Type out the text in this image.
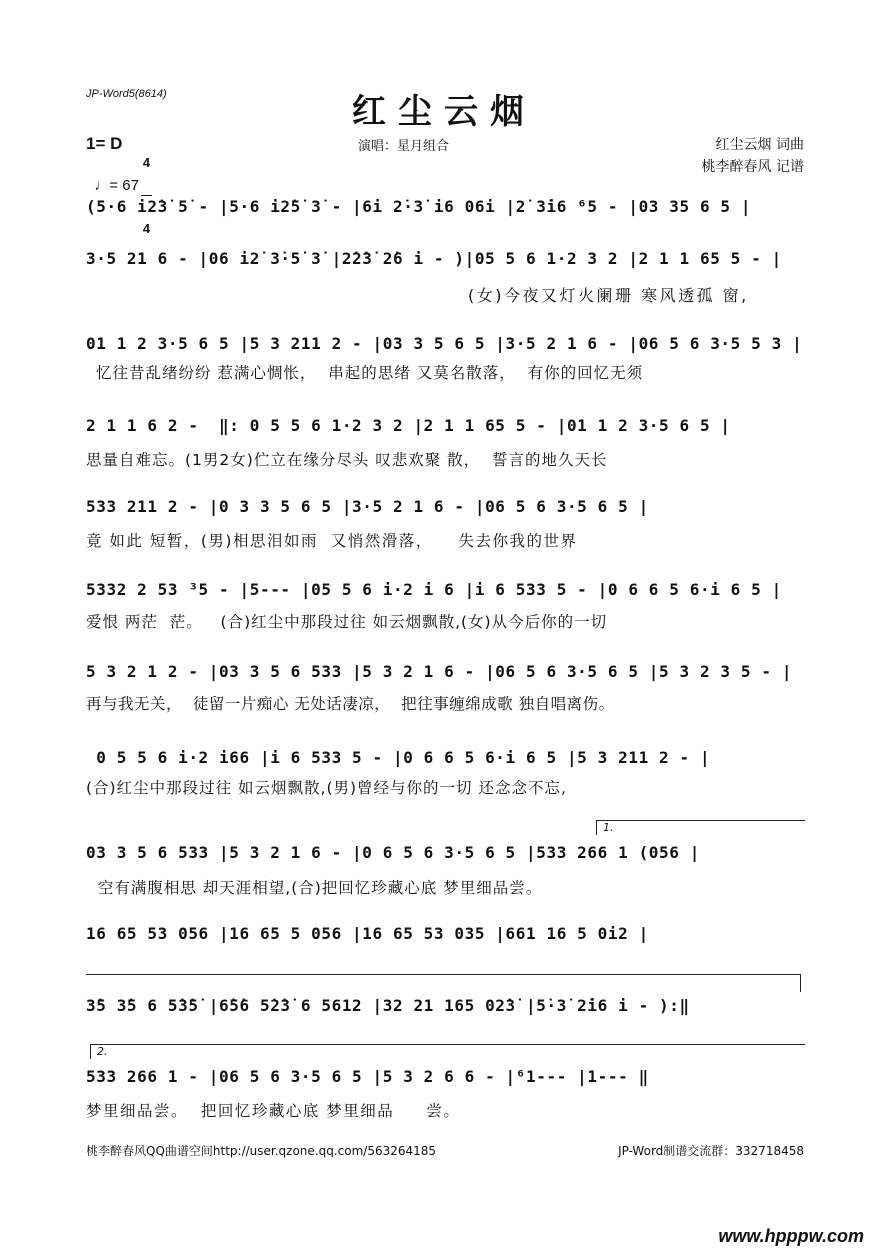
JP-Word5(8614)	红尘云烟
演唱：星月组合	红尘云烟 词曲
桃李醉春风 记谱
1= D

4

4

♩= 67

(5·6 i2̇3̇ 5̇ - |5·6 i2̇5̇ 3̇ - |6i 2̇·3̇ i6 06i |2̇ 3̇i6 ⁶5 - |03 35 6 5 |
3·5 21 6 - |06 i2̇ 3̇·5̇ 3̇ |2̇2̇3̇ 2̇6 i - )|05 5 6 1·2 3 2 |2 1 1 65 5 - |
(女)今夜又灯火阑珊 寒风透孤 窗,
01 1 2 3·5 6 5 |5 3 211 2 - |03 3 5 6 5 |3·5 2 1 6 - |06 5 6 3·5 5 3 |
忆往昔乱绪纷纷 惹满心惆怅，  串起的思绪 又莫名散落，  有你的回忆无须
2 1 1 6 2 -  ‖: 0 5 5 6 1·2 3 2 |2 1 1 65 5 - |01 1 2 3·5 6 5 |
思量自难忘。(1男2女)伫立在缘分尽头 叹悲欢聚 散，  誓言的地久天长
533 211 2 - |0 3 3 5 6 5 |3·5 2 1 6 - |06 5 6 3·5 6 5 |
竟 如此 短暂，(男)相思泪如雨  又悄然滑落，    失去你我的世界
5332 2 53 ³5 - |5--- |05 5 6 i·2 i 6 |i 6 533 5 - |0 6 6 5 6·i 6 5 |
爱恨 两茫  茫。   (合)红尘中那段过往 如云烟飘散,(女)从今后你的一切
5 3 2 1 2 - |03 3 5 6 533 |5 3 2 1 6 - |06 5 6 3·5 6 5 |5 3 2 3 5 - |
再与我无关，  徒留一片痴心 无处话凄凉，  把往事缠绵成歌 独自唱离伤。
0 5 5 6 i·2 i66 |i 6 533 5 - |0 6 6 5 6·i 6 5 |5 3 211 2 - |
(合)红尘中那段过往 如云烟飘散,(男)曾经与你的一切 还念念不忘,
1.
03 3 5 6 533 |5 3 2 1 6 - |0 6 5 6 3·5 6 5 |533 266 1 (056 |
空有满腹相思 却天涯相望,(合)把回忆珍藏心底 梦里细品尝。
16 65 53 056 |16 65 5 056 |16 65 53 035 |661 16 5 0i2 |
3̇5 3̇5 6 5̇3̇5̇ |6̇5̇6 5̇2̇3̇ 6 5612 |32 21 165 02̇3̇ |5̇·3̇ 2̇i6 i - ):‖
2.
533 266 1 - |06 5 6 3·5 6 5 |5 3 2 6 6 - |⁶1--- |1--- ‖
梦里细品尝。  把回忆珍藏心底 梦里细品     尝。
桃李醉春风QQ曲谱空间http://user.qzone.qq.com/563264185	JP-Word制谱交流群：332718458
www.hpppw.com
